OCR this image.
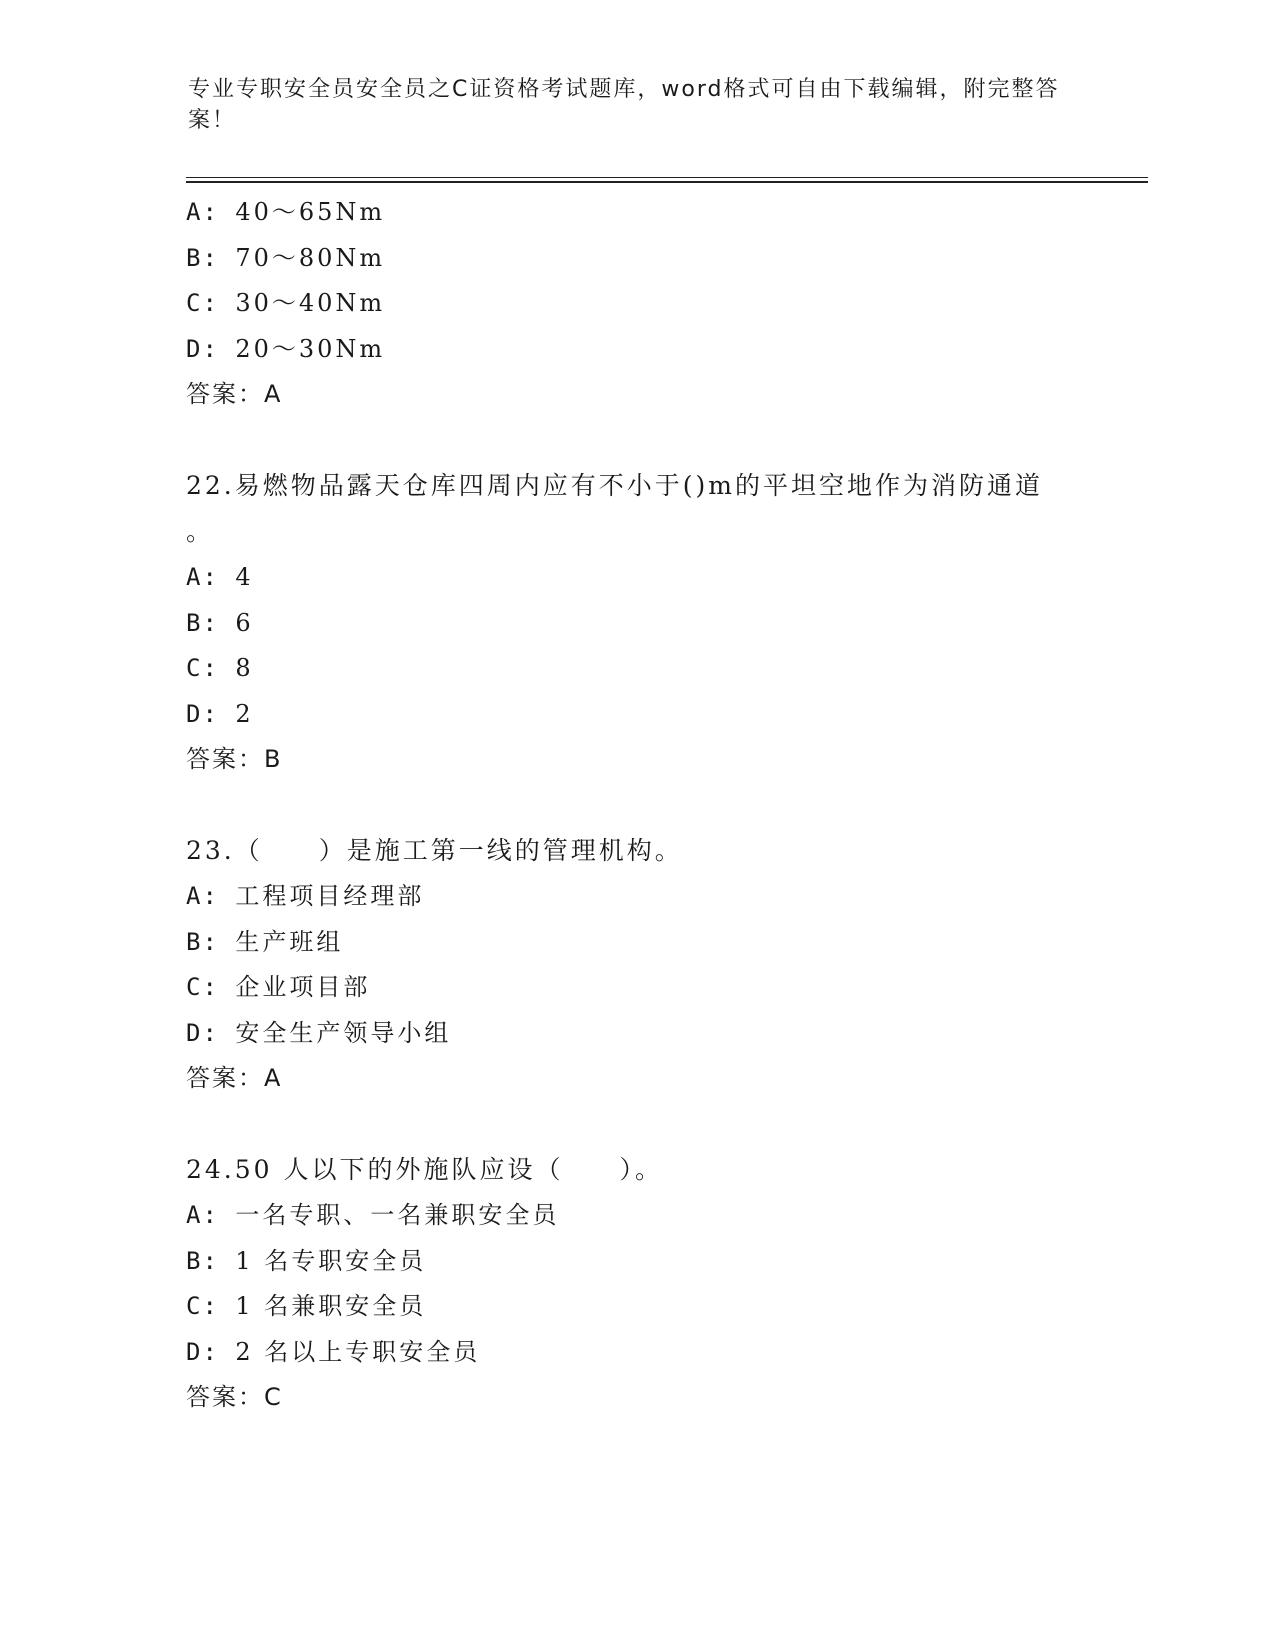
专业专职安全员安全员之C证资格考试题库，word格式可自由下载编辑，附完整答案！
A: 40～65Nm
B: 70～80Nm
C: 30～40Nm
D: 20～30Nm
答案：A
22.易燃物品露天仓库四周内应有不小于()m的平坦空地作为消防通道
。
A: 4
B: 6
C: 8
D: 2
答案：B
23.（　　）是施工第一线的管理机构。
A: 工程项目经理部
B: 生产班组
C: 企业项目部
D: 安全生产领导小组
答案：A
24.50 人以下的外施队应设（　　）。
A: 一名专职、一名兼职安全员
B: 1 名专职安全员
C: 1 名兼职安全员
D: 2 名以上专职安全员
答案：C
